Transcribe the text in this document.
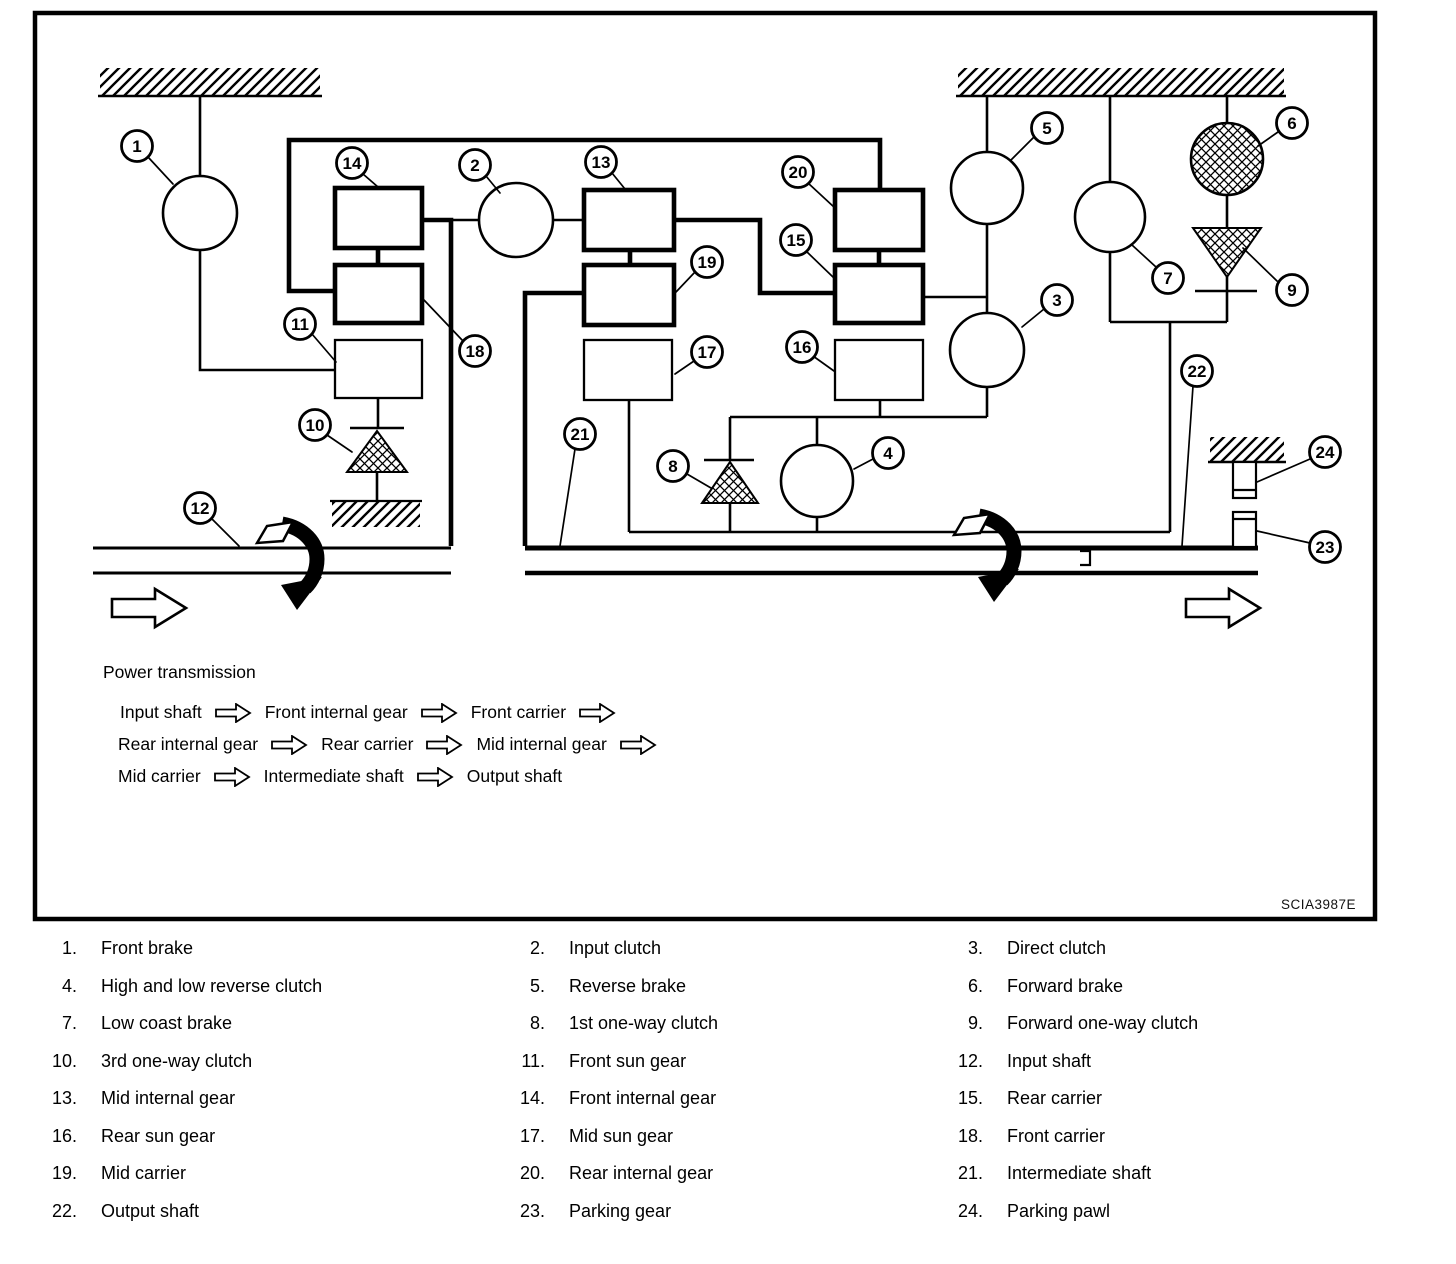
1
2
3
4
5	6
7
8
9
10
11
12
13
14
15
16
17
18
19
20
21
22
23
24
Power transmission
Input shaft	Front internal gear	Front carrier
Rear internal gear	Rear carrier	Mid internal gear
Mid carrier	Intermediate shaft	Output shaft
SCIA3987E
1. Front brake
4. High and low reverse clutch
7. Low coast brake
10. 3rd one-way clutch
13. Mid internal gear
16. Rear sun gear
19. Mid carrier
22. Output shaft
2. Input clutch
5. Reverse brake
8. 1st one-way clutch
11. Front sun gear
14. Front internal gear
17. Mid sun gear
20. Rear internal gear
23. Parking gear
3. Direct clutch
6. Forward brake
9. Forward one-way clutch
12. Input shaft
15. Rear carrier
18. Front carrier
21. Intermediate shaft
24. Parking pawl
